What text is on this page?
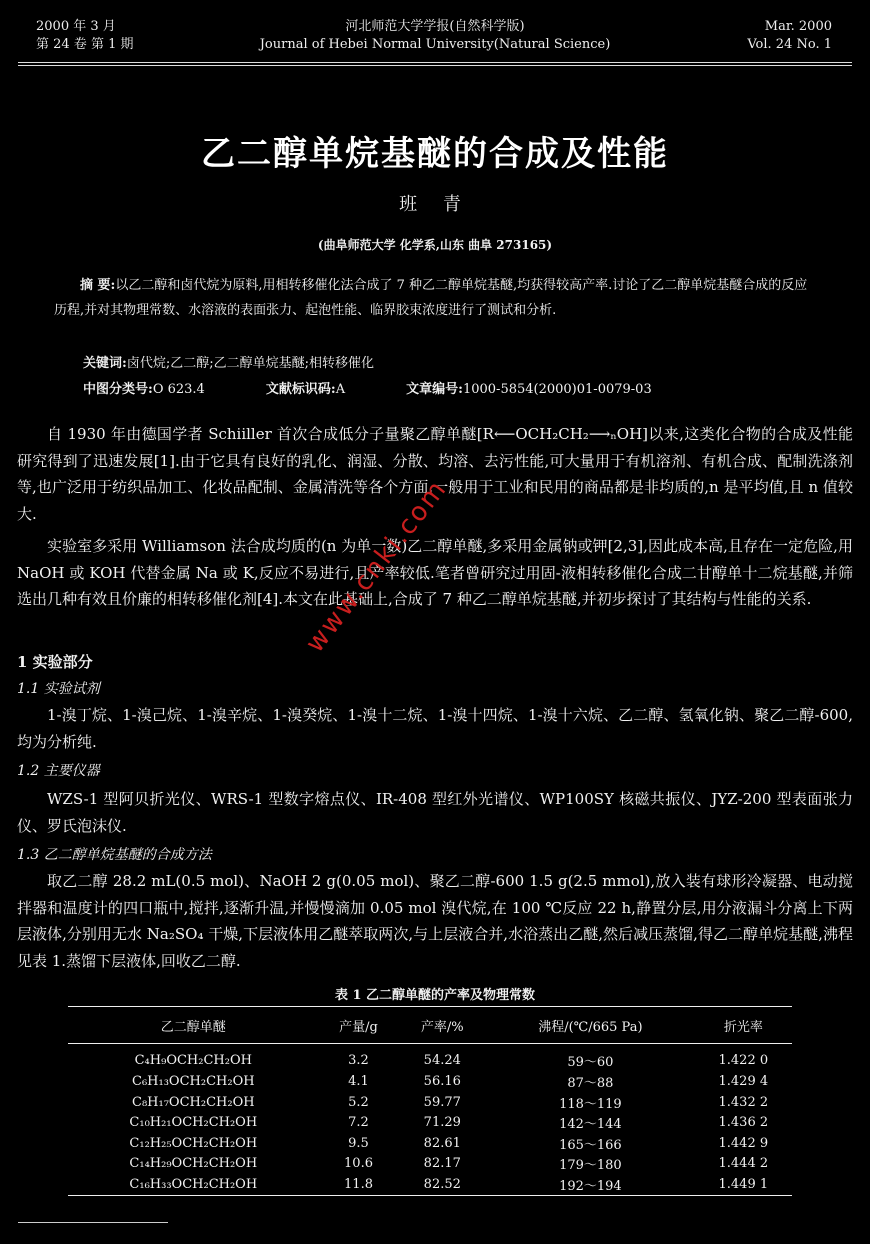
2000 年 3 月
第 24 卷 第 1 期
河北师范大学学报(自然科学版)
Journal of Hebei Normal University(Natural Science)
Mar. 2000
Vol. 24 No. 1
乙二醇单烷基醚的合成及性能
班 青
(曲阜师范大学 化学系,山东 曲阜 273165)
摘 要:以乙二醇和卤代烷为原料,用相转移催化法合成了 7 种乙二醇单烷基醚,均获得较高产率.讨论了乙二醇单烷基醚合成的反应历程,并对其物理常数、水溶液的表面张力、起泡性能、临界胶束浓度进行了测试和分析.
关键词:卤代烷;乙二醇;乙二醇单烷基醚;相转移催化
中图分类号:O 623.4	文献标识码:A	文章编号:1000-5854(2000)01-0079-03
自 1930 年由德国学者 Schiiller 首次合成低分子量聚乙醇单醚[R⟵OCH₂CH₂⟶ₙOH]以来,这类化合物的合成及性能研究得到了迅速发展[1].由于它具有良好的乳化、润湿、分散、均溶、去污性能,可大量用于有机溶剂、有机合成、配制洗涤剂等,也广泛用于纺织品加工、化妆品配制、金属清洗等各个方面.一般用于工业和民用的商品都是非均质的,n 是平均值,且 n 值较大.
实验室多采用 Williamson 法合成均质的(n 为单一数)乙二醇单醚,多采用金属钠或钾[2,3],因此成本高,且存在一定危险,用 NaOH 或 KOH 代替金属 Na 或 K,反应不易进行,且产率较低.笔者曾研究过用固-液相转移催化合成二甘醇单十二烷基醚,并筛选出几种有效且价廉的相转移催化剂[4].本文在此基础上,合成了 7 种乙二醇单烷基醚,并初步探讨了其结构与性能的关系.
1 实验部分
1.1 实验试剂
1-溴丁烷、1-溴己烷、1-溴辛烷、1-溴癸烷、1-溴十二烷、1-溴十四烷、1-溴十六烷、乙二醇、氢氧化钠、聚乙二醇-600,均为分析纯.
1.2 主要仪器
WZS-1 型阿贝折光仪、WRS-1 型数字熔点仪、IR-408 型红外光谱仪、WP100SY 核磁共振仪、JYZ-200 型表面张力仪、罗氏泡沫仪.
1.3 乙二醇单烷基醚的合成方法
取乙二醇 28.2 mL(0.5 mol)、NaOH 2 g(0.05 mol)、聚乙二醇-600 1.5 g(2.5 mmol),放入装有球形冷凝器、电动搅拌器和温度计的四口瓶中,搅拌,逐渐升温,并慢慢滴加 0.05 mol 溴代烷,在 100 ℃反应 22 h,静置分层,用分液漏斗分离上下两层液体,分别用无水 Na₂SO₄ 干燥,下层液体用乙醚萃取两次,与上层液合并,水浴蒸出乙醚,然后减压蒸馏,得乙二醇单烷基醚,沸程见表 1.蒸馏下层液体,回收乙二醇.
表 1 乙二醇单醚的产率及物理常数
乙二醇单醚	产量/g	产率/%	沸程/(℃/665 Pa)	折光率
C₄H₉OCH₂CH₂OH	3.2	54.24	59～60	1.422 0
C₆H₁₃OCH₂CH₂OH	4.1	56.16	87～88	1.429 4
C₈H₁₇OCH₂CH₂OH	5.2	59.77	118～119	1.432 2
C₁₀H₂₁OCH₂CH₂OH	7.2	71.29	142～144	1.436 2
C₁₂H₂₅OCH₂CH₂OH	9.5	82.61	165～166	1.442 9
C₁₄H₂₉OCH₂CH₂OH	10.6	82.17	179～180	1.444 2
C₁₆H₃₃OCH₂CH₂OH	11.8	82.52	192～194	1.449 1
www.cnki.com
